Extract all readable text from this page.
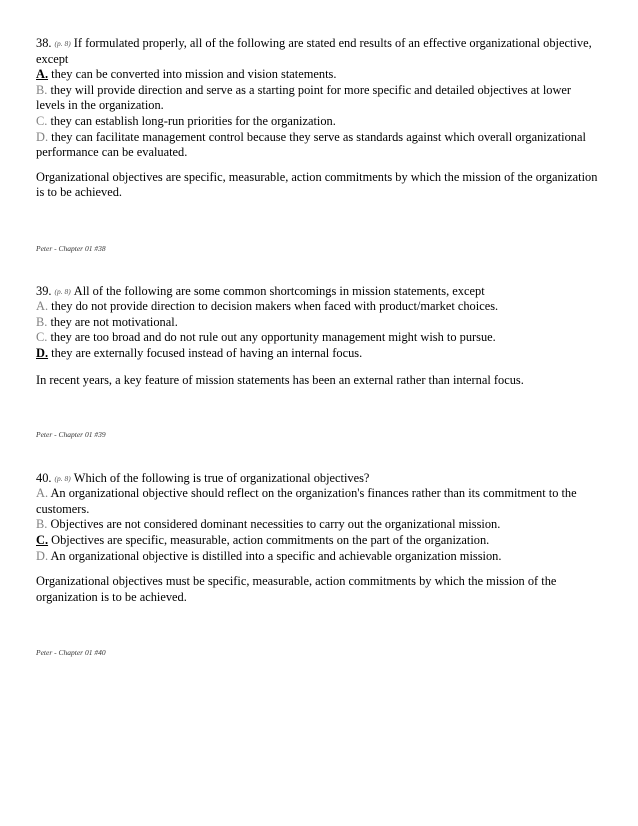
38. (p. 8) If formulated properly, all of the following are stated end results of an effective organizational objective, except

A. they can be converted into mission and vision statements.

B. they will provide direction and serve as a starting point for more specific and detailed objectives at lower levels in the organization.

C. they can establish long-run priorities for the organization.

D. they can facilitate management control because they serve as standards against which overall organizational performance can be evaluated.

Organizational objectives are specific, measurable, action commitments by which the mission of the organization is to be achieved.

Peter - Chapter 01 #38

39. (p. 8) All of the following are some common shortcomings in mission statements, except

A. they do not provide direction to decision makers when faced with product/market choices.

B. they are not motivational.

C. they are too broad and do not rule out any opportunity management might wish to pursue.

D. they are externally focused instead of having an internal focus.

In recent years, a key feature of mission statements has been an external rather than internal focus.

Peter - Chapter 01 #39

40. (p. 8) Which of the following is true of organizational objectives?

A. An organizational objective should reflect on the organization's finances rather than its commitment to the customers.

B. Objectives are not considered dominant necessities to carry out the organizational mission.

C. Objectives are specific, measurable, action commitments on the part of the organization.

D. An organizational objective is distilled into a specific and achievable organization mission.

Organizational objectives must be specific, measurable, action commitments by which the mission of the organization is to be achieved.

Peter - Chapter 01 #40
